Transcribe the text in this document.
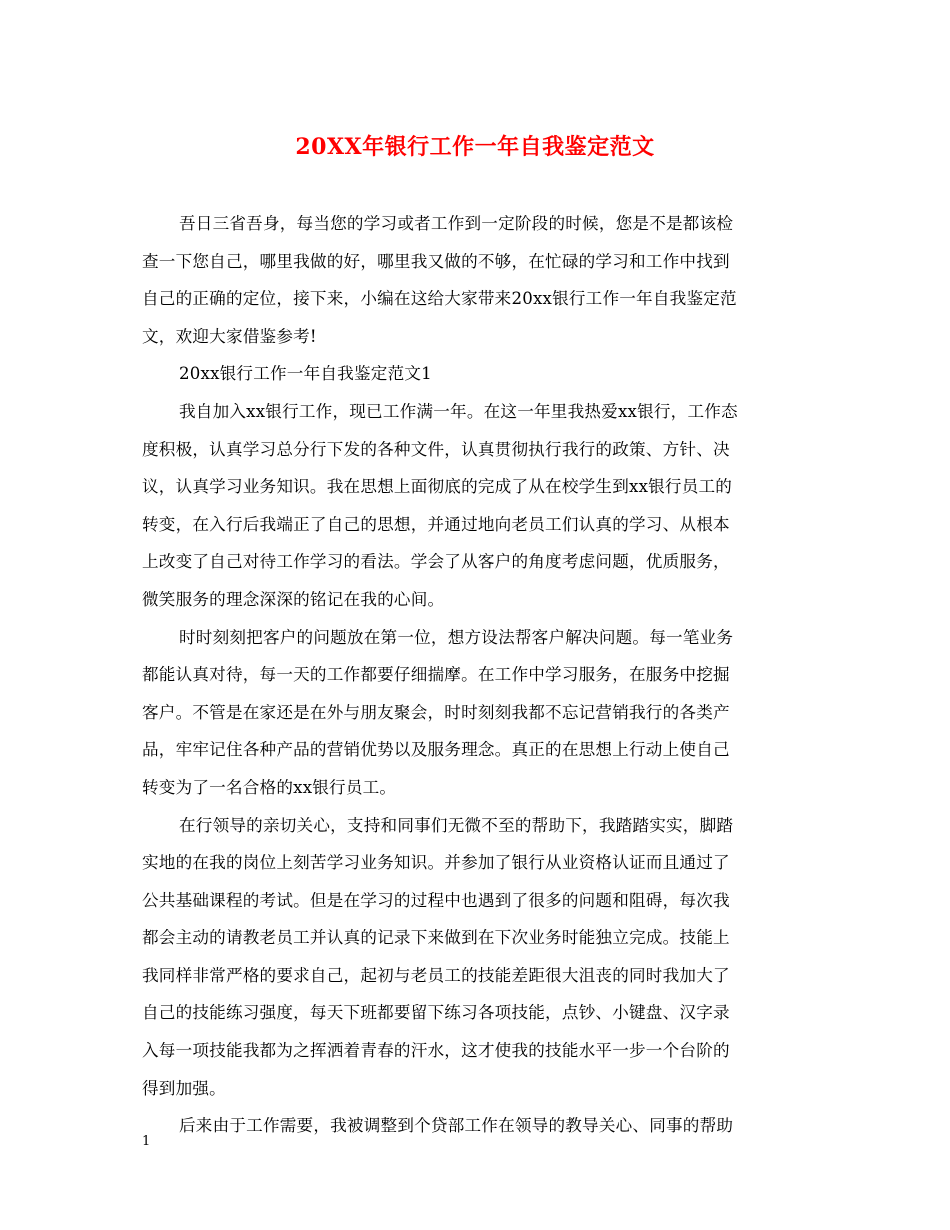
20XX年银行工作一年自我鉴定范文
吾日三省吾身，每当您的学习或者工作到一定阶段的时候，您是不是都该检
查一下您自己，哪里我做的好，哪里我又做的不够，在忙碌的学习和工作中找到
自己的正确的定位，接下来，小编在这给大家带来20xx银行工作一年自我鉴定范
文，欢迎大家借鉴参考!
20xx银行工作一年自我鉴定范文1
我自加入xx银行工作，现已工作满一年。在这一年里我热爱xx银行，工作态
度积极，认真学习总分行下发的各种文件，认真贯彻执行我行的政策、方针、决
议，认真学习业务知识。我在思想上面彻底的完成了从在校学生到xx银行员工的
转变，在入行后我端正了自己的思想，并通过地向老员工们认真的学习、从根本
上改变了自己对待工作学习的看法。学会了从客户的角度考虑问题，优质服务，
微笑服务的理念深深的铭记在我的心间。
时时刻刻把客户的问题放在第一位，想方设法帮客户解决问题。每一笔业务
都能认真对待，每一天的工作都要仔细揣摩。在工作中学习服务，在服务中挖掘
客户。不管是在家还是在外与朋友聚会，时时刻刻我都不忘记营销我行的各类产
品，牢牢记住各种产品的营销优势以及服务理念。真正的在思想上行动上使自己
转变为了一名合格的xx银行员工。
在行领导的亲切关心，支持和同事们无微不至的帮助下，我踏踏实实，脚踏
实地的在我的岗位上刻苦学习业务知识。并参加了银行从业资格认证而且通过了
公共基础课程的考试。但是在学习的过程中也遇到了很多的问题和阻碍，每次我
都会主动的请教老员工并认真的记录下来做到在下次业务时能独立完成。技能上
我同样非常严格的要求自己，起初与老员工的技能差距很大沮丧的同时我加大了
自己的技能练习强度，每天下班都要留下练习各项技能，点钞、小键盘、汉字录
入每一项技能我都为之挥洒着青春的汗水，这才使我的技能水平一步一个台阶的
得到加强。
后来由于工作需要，我被调整到个贷部工作在领导的教导关心、同事的帮助
1
